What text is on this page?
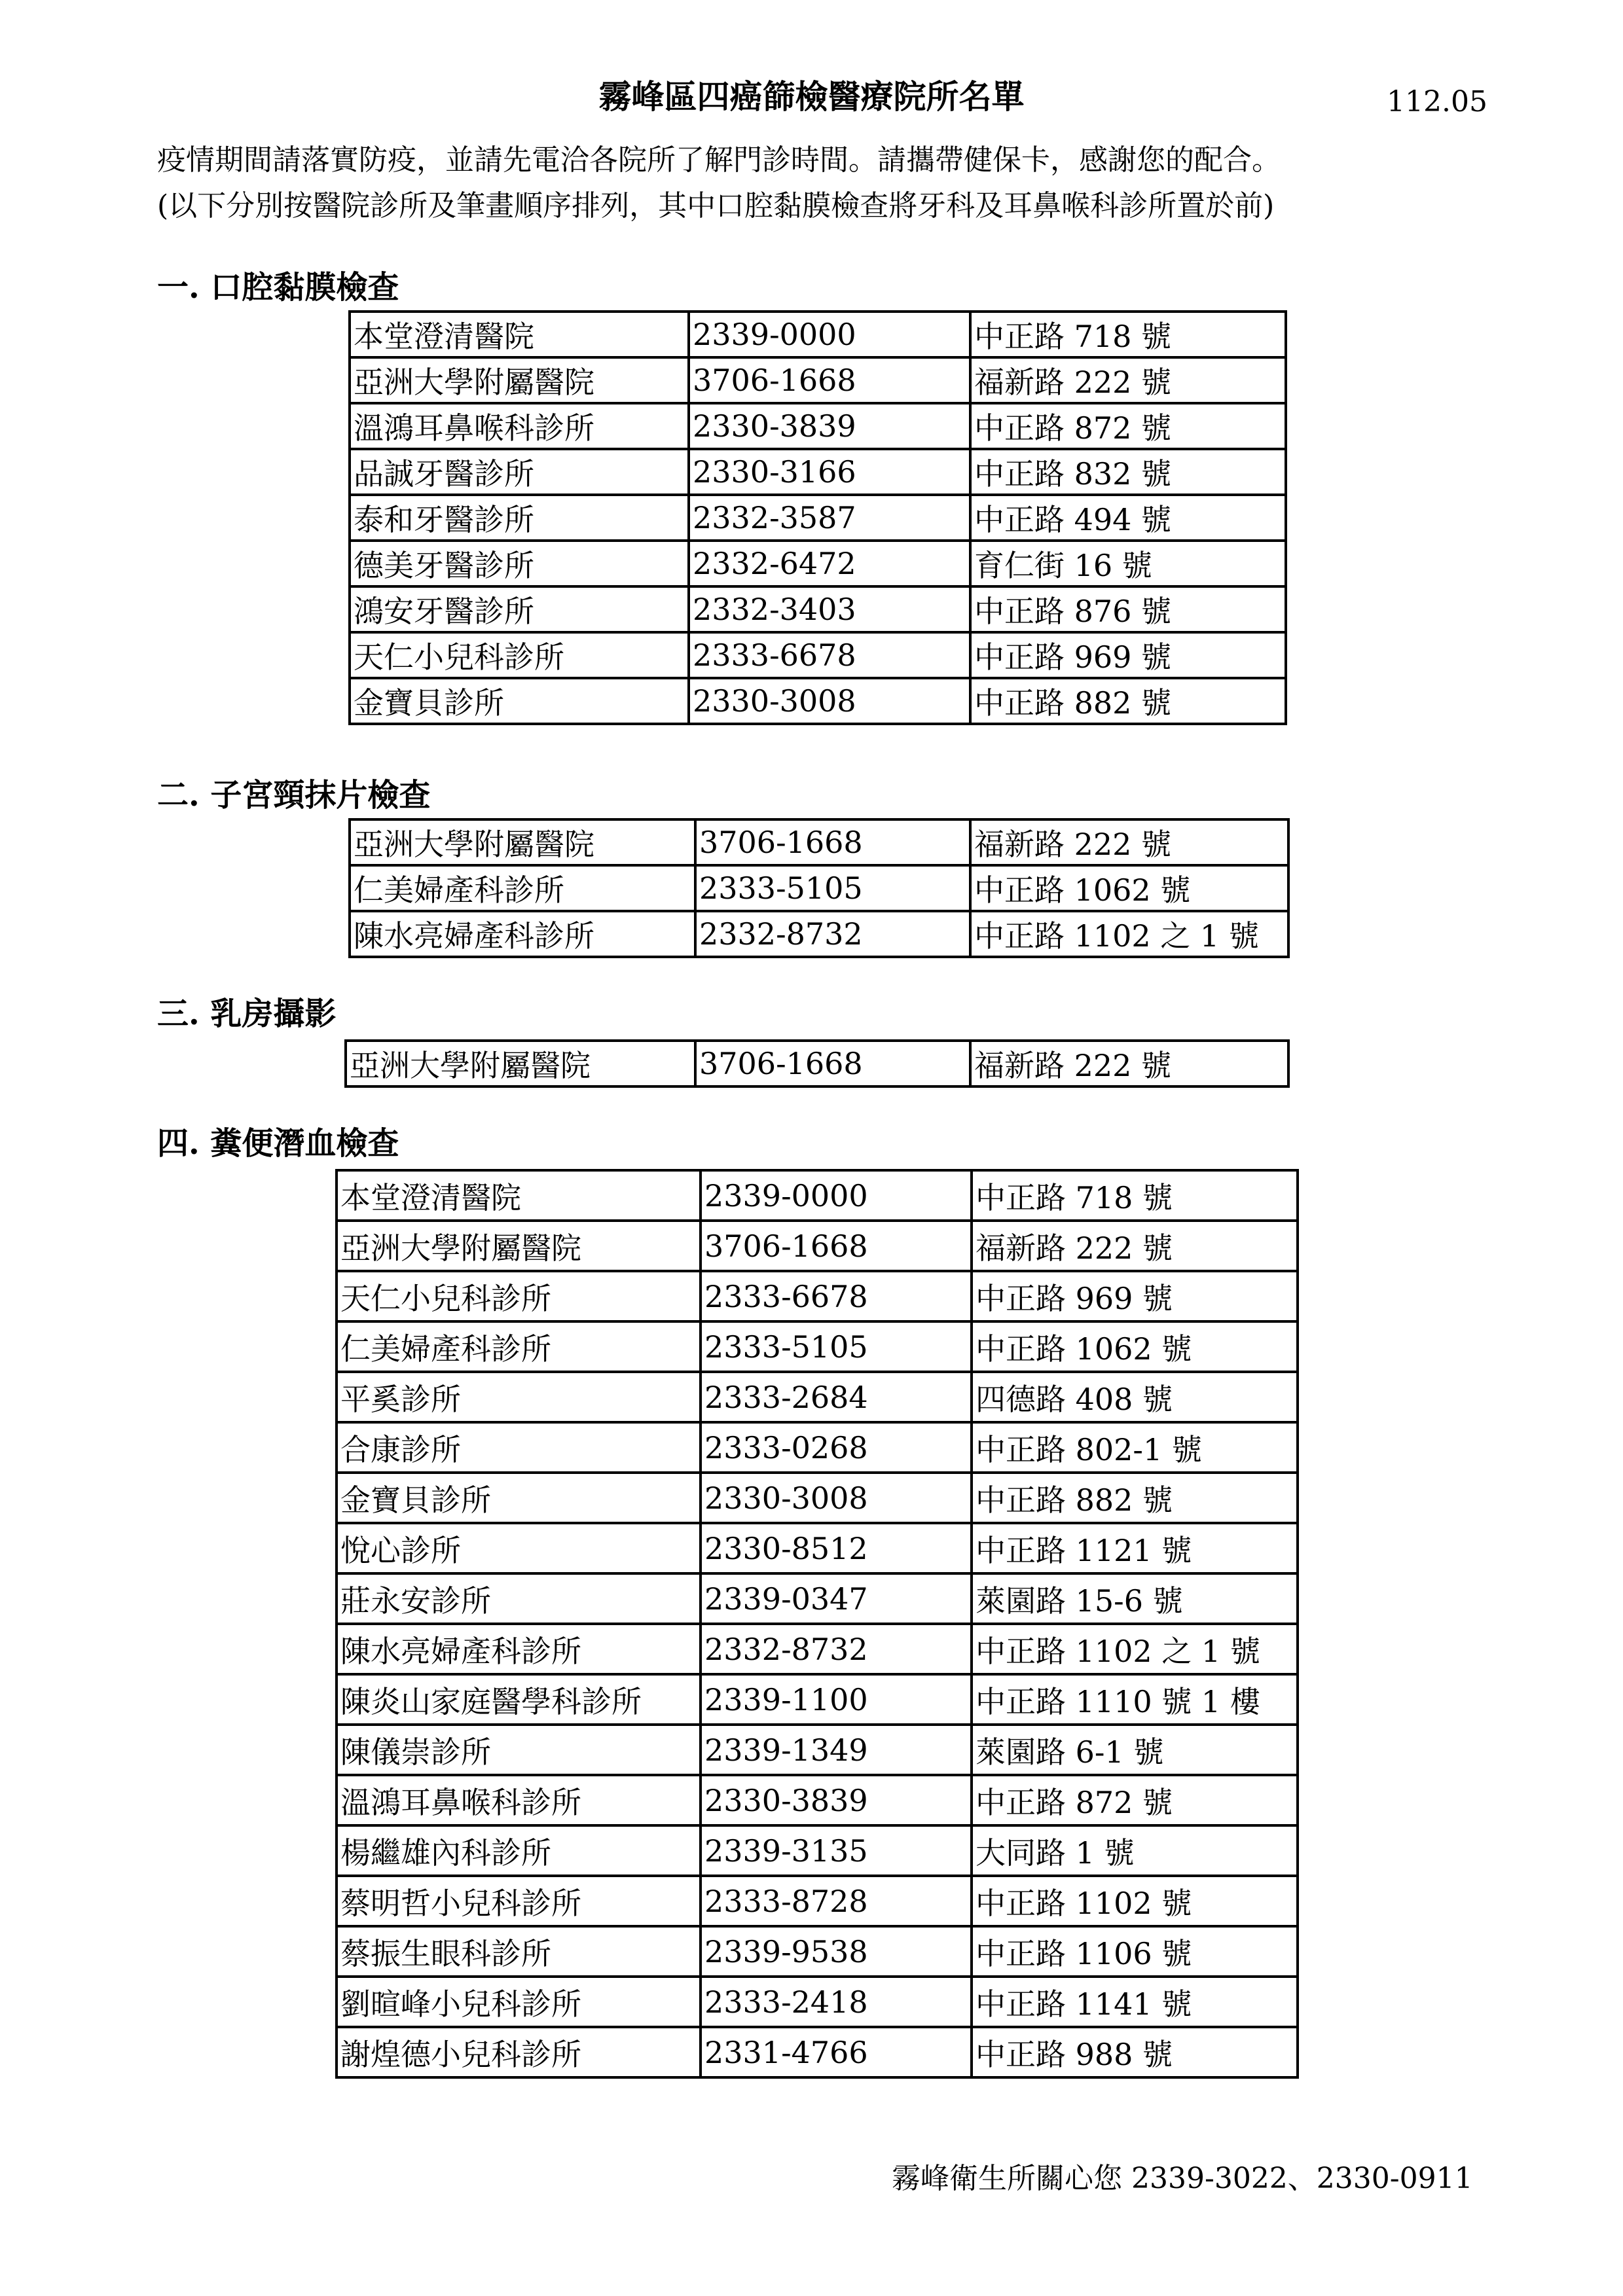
霧峰區四癌篩檢醫療院所名單	112.05
疫情期間請落實防疫，並請先電洽各院所了解門診時間。請攜帶健保卡，感謝您的配合。
(以下分別按醫院診所及筆畫順序排列，其中口腔黏膜檢查將牙科及耳鼻喉科診所置於前)
一. 口腔黏膜檢查
本堂澄清醫院	2339-0000	中正路 718 號
亞洲大學附屬醫院	3706-1668	福新路 222 號
溫鴻耳鼻喉科診所	2330-3839	中正路 872 號
品誠牙醫診所	2330-3166	中正路 832 號
泰和牙醫診所	2332-3587	中正路 494 號
德美牙醫診所	2332-6472	育仁街 16 號
鴻安牙醫診所	2332-3403	中正路 876 號
天仁小兒科診所	2333-6678	中正路 969 號
金寶貝診所	2330-3008	中正路 882 號
二. 子宮頸抹片檢查
亞洲大學附屬醫院	3706-1668	福新路 222 號
仁美婦產科診所	2333-5105	中正路 1062 號
陳水亮婦產科診所	2332-8732	中正路 1102 之 1 號
三. 乳房攝影
亞洲大學附屬醫院	3706-1668	福新路 222 號
四. 糞便潛血檢查
本堂澄清醫院	2339-0000	中正路 718 號
亞洲大學附屬醫院	3706-1668	福新路 222 號
天仁小兒科診所	2333-6678	中正路 969 號
仁美婦產科診所	2333-5105	中正路 1062 號
平奚診所	2333-2684	四德路 408 號
合康診所	2333-0268	中正路 802-1 號
金寶貝診所	2330-3008	中正路 882 號
悅心診所	2330-8512	中正路 1121 號
莊永安診所	2339-0347	萊園路 15-6 號
陳水亮婦產科診所	2332-8732	中正路 1102 之 1 號
陳炎山家庭醫學科診所	2339-1100	中正路 1110 號 1 樓
陳儀崇診所	2339-1349	萊園路 6-1 號
溫鴻耳鼻喉科診所	2330-3839	中正路 872 號
楊繼雄內科診所	2339-3135	大同路 1 號
蔡明哲小兒科診所	2333-8728	中正路 1102 號
蔡振生眼科診所	2339-9538	中正路 1106 號
劉暄峰小兒科診所	2333-2418	中正路 1141 號
謝煌德小兒科診所	2331-4766	中正路 988 號
霧峰衛生所關心您 2339-3022、2330-0911
